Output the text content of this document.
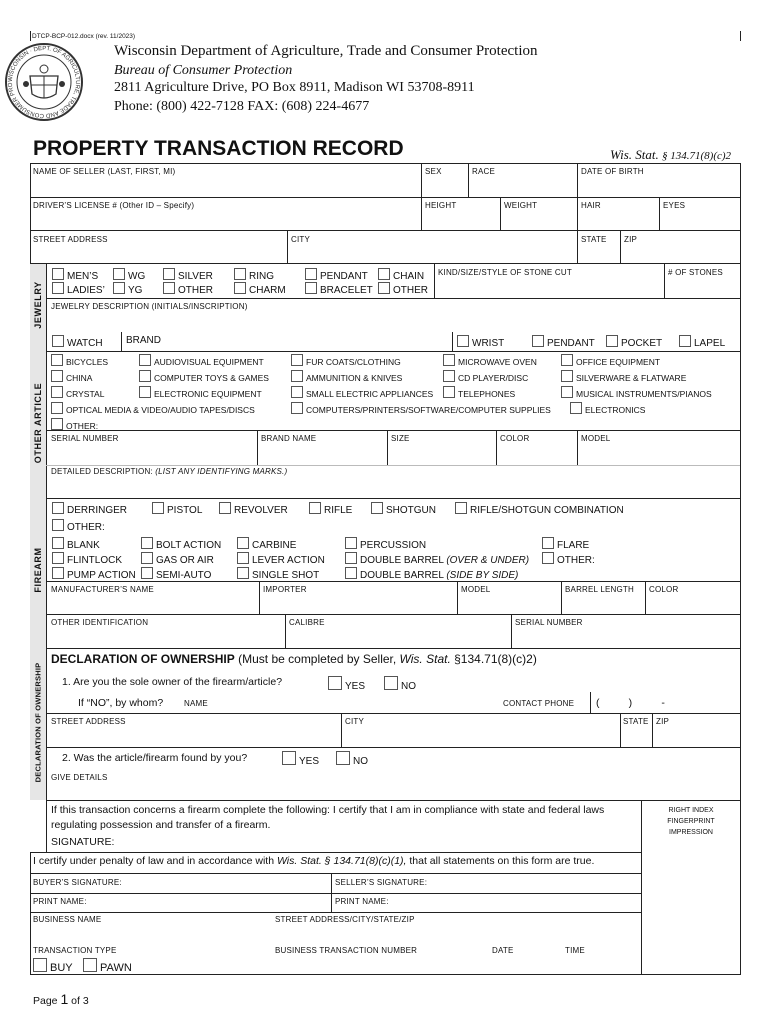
DTCP-BCP-012.docx (rev. 11/2023)
WISCONSIN · DEPT. OF AGRICULTURE, TRADE AND CONSUMER PRO
Wisconsin Department of Agriculture, Trade and Consumer Protection
Bureau of Consumer Protection
2811 Agriculture Drive, PO Box 8911, Madison WI 53708-8911
Phone: (800) 422-7128 FAX: (608) 224-4677
PROPERTY TRANSACTION RECORD	Wis. Stat. § 134.71(8)(c)2
NAME OF SELLER (LAST, FIRST, MI)	SEX	RACE	DATE OF BIRTH
DRIVER’S LICENSE # (Other ID – Specify)	HEIGHT	WEIGHT	HAIR	EYES
STREET ADDRESS	CITY	STATE ZIP
JEWELRY
MEN’S
LADIES’
WG
YG
SILVER
OTHER
RING
CHARM
PENDANT
BRACELET
CHAIN
OTHER
KIND/SIZE/STYLE OF STONE CUT	# OF STONES
JEWELRY DESCRIPTION (INITIALS/INSCRIPTION)
WATCH BRAND	WRIST	PENDANT	POCKET	LAPEL
OTHER ARTICLE
BICYCLES	AUDIOVISUAL EQUIPMENT	FUR COATS/CLOTHING	MICROWAVE OVEN	OFFICE EQUIPMENT
CHINA	COMPUTER TOYS & GAMES	AMMUNITION & KNIVES	CD PLAYER/DISC	SILVERWARE & FLATWARE
CRYSTAL	ELECTRONIC EQUIPMENT	SMALL ELECTRIC APPLIANCES	TELEPHONES	MUSICAL INSTRUMENTS/PIANOS
OPTICAL MEDIA & VIDEO/AUDIO TAPES/DISCS	COMPUTERS/PRINTERS/SOFTWARE/COMPUTER SUPPLIES	ELECTRONICS
OTHER:
SERIAL NUMBER	BRAND NAME	SIZE	COLOR	MODEL
DETAILED DESCRIPTION: (LIST ANY IDENTIFYING MARKS.)
FIREARM
DERRINGER	PISTOL	REVOLVER	RIFLE	SHOTGUN	RIFLE/SHOTGUN COMBINATION
OTHER:
BLANK	BOLT ACTION	CARBINE	PERCUSSION	FLARE
FLINTLOCK	GAS OR AIR	LEVER ACTION	DOUBLE BARREL (OVER & UNDER)	OTHER:
PUMP ACTION	SEMI-AUTO	SINGLE SHOT	DOUBLE BARREL (SIDE BY SIDE)
MANUFACTURER’S NAME	IMPORTER	MODEL	BARREL LENGTH COLOR
OTHER IDENTIFICATION	CALIBRE	SERIAL NUMBER
DECLARATION OF OWNERSHIP
DECLARATION OF OWNERSHIP (Must be completed by Seller, Wis. Stat. §134.71(8)(c)2)
1. Are you the sole owner of the firearm/article?	YES	NO
If “NO”, by whom?	NAME	CONTACT PHONE (          )          -
STREET ADDRESS	CITY	STATE ZIP
2. Was the article/firearm found by you?	YES	NO
GIVE DETAILS
If this transaction concerns a firearm complete the following: I certify that I am in compliance with state and federal laws regulating possession and transfer of a firearm.
SIGNATURE:
RIGHT INDEX FINGERPRINT IMPRESSION
I certify under penalty of law and in accordance with Wis. Stat. § 134.71(8)(c)(1), that all statements on this form are true.
BUYER’S SIGNATURE:	SELLER’S SIGNATURE:
PRINT NAME:	PRINT NAME:
BUSINESS NAME	STREET ADDRESS/CITY/STATE/ZIP
TRANSACTION TYPE
BUY	PAWN
BUSINESS TRANSACTION NUMBER	DATE	TIME
Page 1 of 3
